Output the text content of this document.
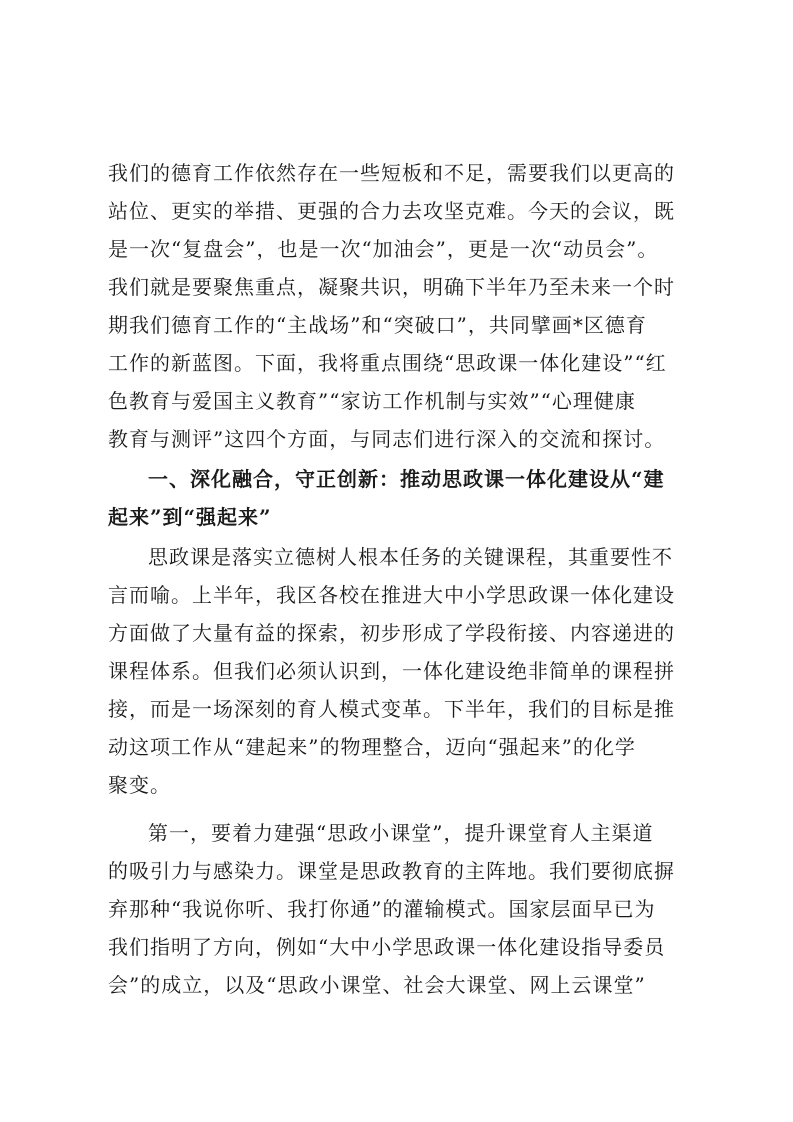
我们的德育工作依然存在一些短板和不足，需要我们以更高的
站位、更实的举措、更强的合力去攻坚克难。今天的会议，既
是一次“复盘会”，也是一次“加油会”，更是一次“动员会”。
我们就是要聚焦重点，凝聚共识，明确下半年乃至未来一个时
期我们德育工作的“主战场”和“突破口”，共同擘画*区德育
工作的新蓝图。下面，我将重点围绕“思政课一体化建设”“红
色教育与爱国主义教育”“家访工作机制与实效”“心理健康
教育与测评”这四个方面，与同志们进行深入的交流和探讨。
一、深化融合，守正创新：推动思政课一体化建设从“建
起来”到“强起来”
思政课是落实立德树人根本任务的关键课程，其重要性不
言而喻。上半年，我区各校在推进大中小学思政课一体化建设
方面做了大量有益的探索，初步形成了学段衔接、内容递进的
课程体系。但我们必须认识到，一体化建设绝非简单的课程拼
接，而是一场深刻的育人模式变革。下半年，我们的目标是推
动这项工作从“建起来”的物理整合，迈向“强起来”的化学
聚变。
第一，要着力建强“思政小课堂”，提升课堂育人主渠道
的吸引力与感染力。课堂是思政教育的主阵地。我们要彻底摒
弃那种“我说你听、我打你通”的灌输模式。国家层面早已为
我们指明了方向，例如“大中小学思政课一体化建设指导委员
会”的成立，以及“思政小课堂、社会大课堂、网上云课堂”
